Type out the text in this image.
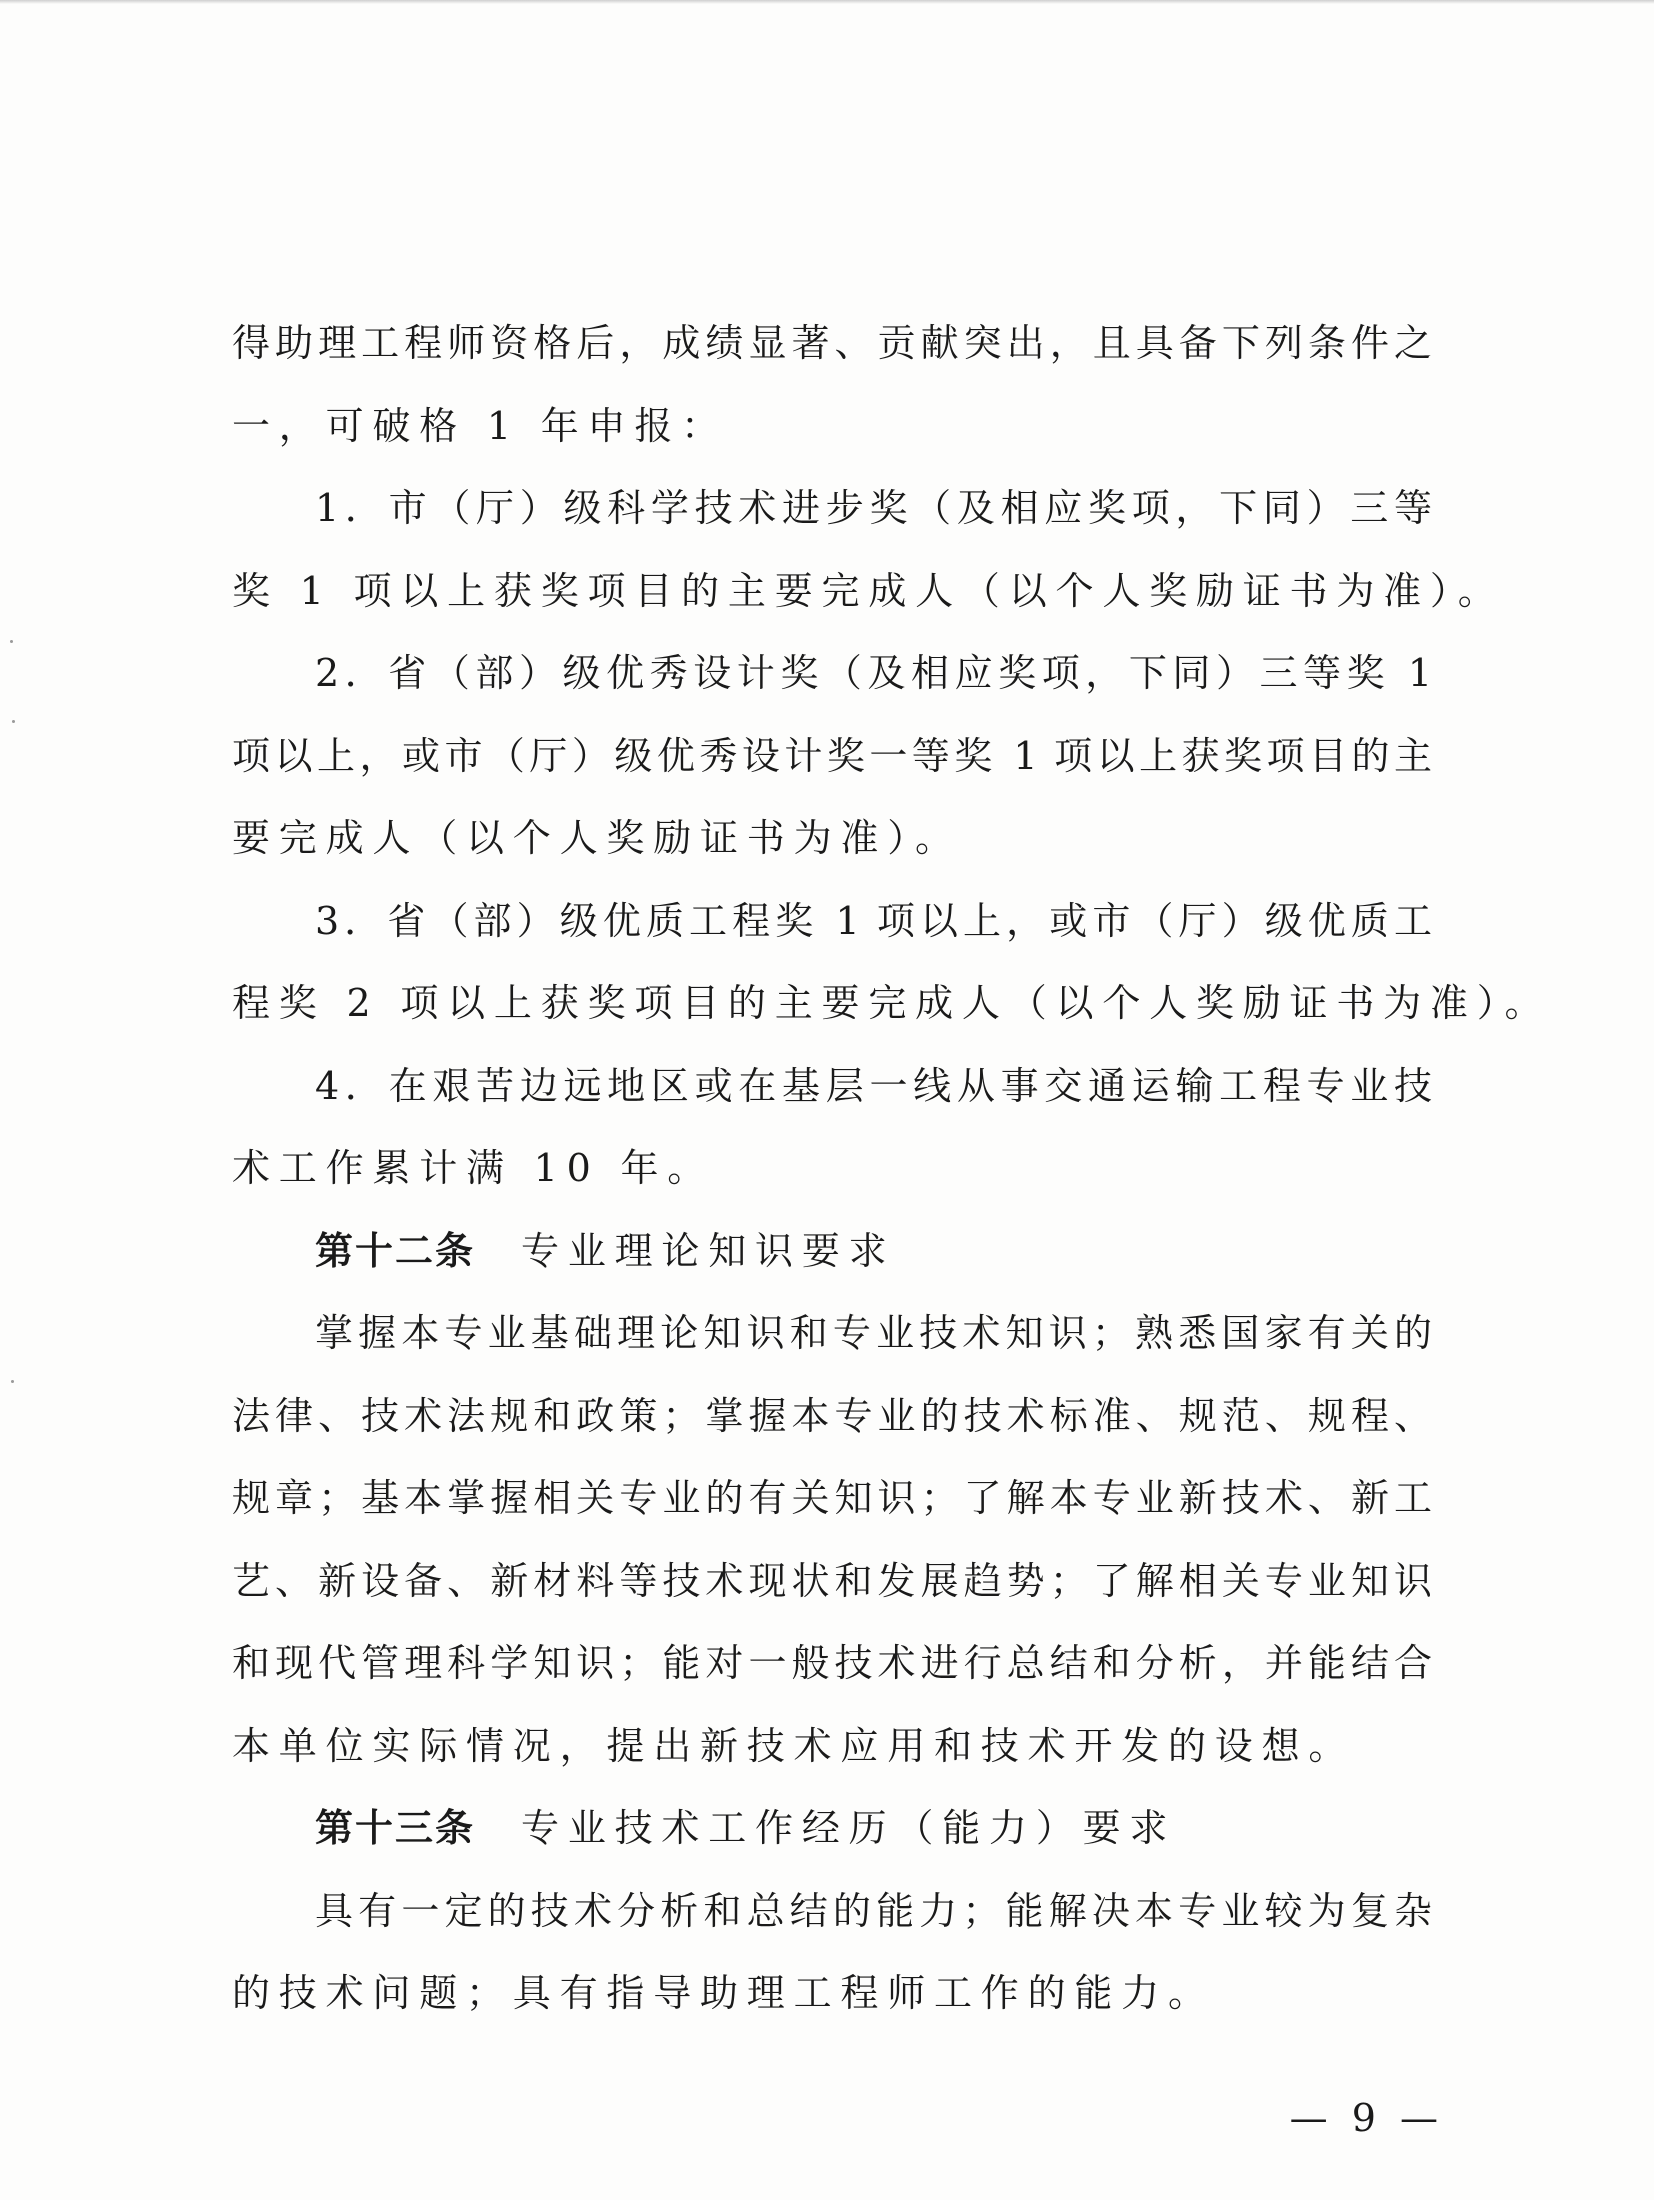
得助理工程师资格后，成绩显著、贡献突出，且具备下列条件之
一，可破格 1 年申报：
1．市（厅）级科学技术进步奖（及相应奖项，下同）三等
奖 1 项以上获奖项目的主要完成人（以个人奖励证书为准）。
2．省（部）级优秀设计奖（及相应奖项，下同）三等奖 1
项以上，或市（厅）级优秀设计奖一等奖 1 项以上获奖项目的主
要完成人（以个人奖励证书为准）。
3．省（部）级优质工程奖 1 项以上，或市（厅）级优质工
程奖 2 项以上获奖项目的主要完成人（以个人奖励证书为准）。
4．在艰苦边远地区或在基层一线从事交通运输工程专业技
术工作累计满 10 年。
第十二条 专业理论知识要求
掌握本专业基础理论知识和专业技术知识；熟悉国家有关的
法律、技术法规和政策；掌握本专业的技术标准、规范、规程、
规章；基本掌握相关专业的有关知识；了解本专业新技术、新工
艺、新设备、新材料等技术现状和发展趋势；了解相关专业知识
和现代管理科学知识；能对一般技术进行总结和分析，并能结合
本单位实际情况，提出新技术应用和技术开发的设想。
第十三条 专业技术工作经历（能力）要求
具有一定的技术分析和总结的能力；能解决本专业较为复杂
的技术问题；具有指导助理工程师工作的能力。
— 9 —
